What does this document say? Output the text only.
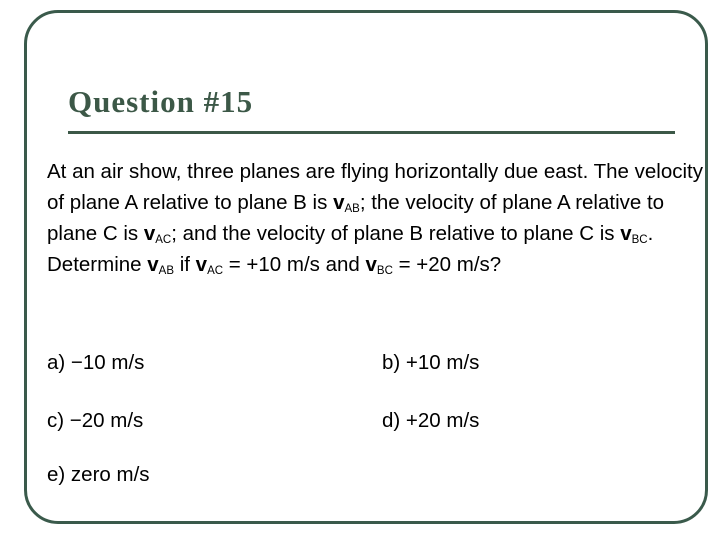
Question #15

At an air show, three planes are flying horizontally due east. The velocity of plane A relative to plane B is $v_{AB}$; the velocity of plane A relative to plane C is $v_{AC}$; and the velocity of plane B relative to plane C is $v_{BC}$. Determine $v_{AB}$ if $v_{AC} = +10$ m/s and $v_{BC} = +20$ m/s?

a) −10 m/s	b) +10 m/s
c) −20 m/s	d) +20 m/s
e) zero m/s
